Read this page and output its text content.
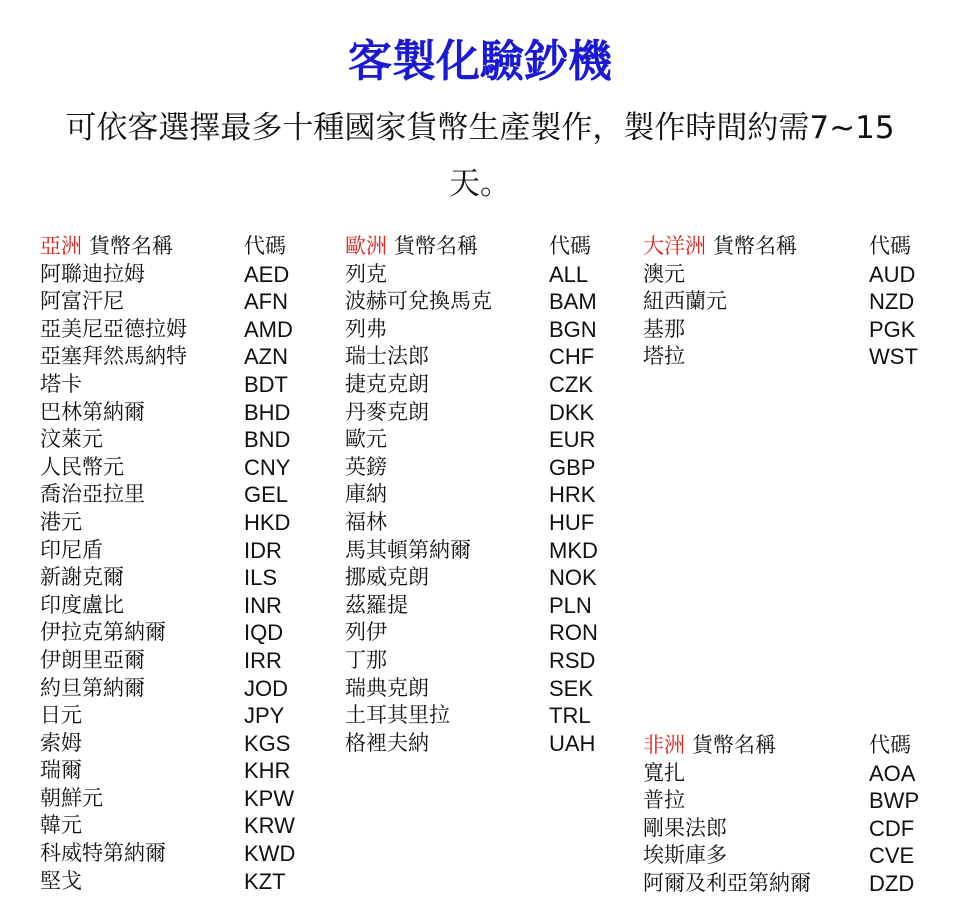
客製化驗鈔機
可依客選擇最多十種國家貨幣生產製作，製作時間約需7~15天。
亞洲 貨幣名稱	代碼
阿聯迪拉姆	AED
阿富汗尼	AFN
亞美尼亞德拉姆	AMD
亞塞拜然馬納特	AZN
塔卡	BDT
巴林第納爾	BHD
汶萊元	BND
人民幣元	CNY
喬治亞拉里	GEL
港元	HKD
印尼盾	IDR
新謝克爾	ILS
印度盧比	INR
伊拉克第納爾	IQD
伊朗里亞爾	IRR
約旦第納爾	JOD
日元	JPY
索姆	KGS
瑞爾	KHR
朝鮮元	KPW
韓元	KRW
科威特第納爾	KWD
堅戈	KZT
歐洲 貨幣名稱	代碼
列克	ALL
波赫可兌換馬克	BAM
列弗	BGN
瑞士法郎	CHF
捷克克朗	CZK
丹麥克朗	DKK
歐元	EUR
英鎊	GBP
庫納	HRK
福林	HUF
馬其頓第納爾	MKD
挪威克朗	NOK
茲羅提	PLN
列伊	RON
丁那	RSD
瑞典克朗	SEK
土耳其里拉	TRL
格裡夫納	UAH
大洋洲 貨幣名稱	代碼
澳元	AUD
紐西蘭元	NZD
基那	PGK
塔拉	WST
非洲 貨幣名稱	代碼
寬扎	AOA
普拉	BWP
剛果法郎	CDF
埃斯庫多	CVE
阿爾及利亞第納爾	DZD
